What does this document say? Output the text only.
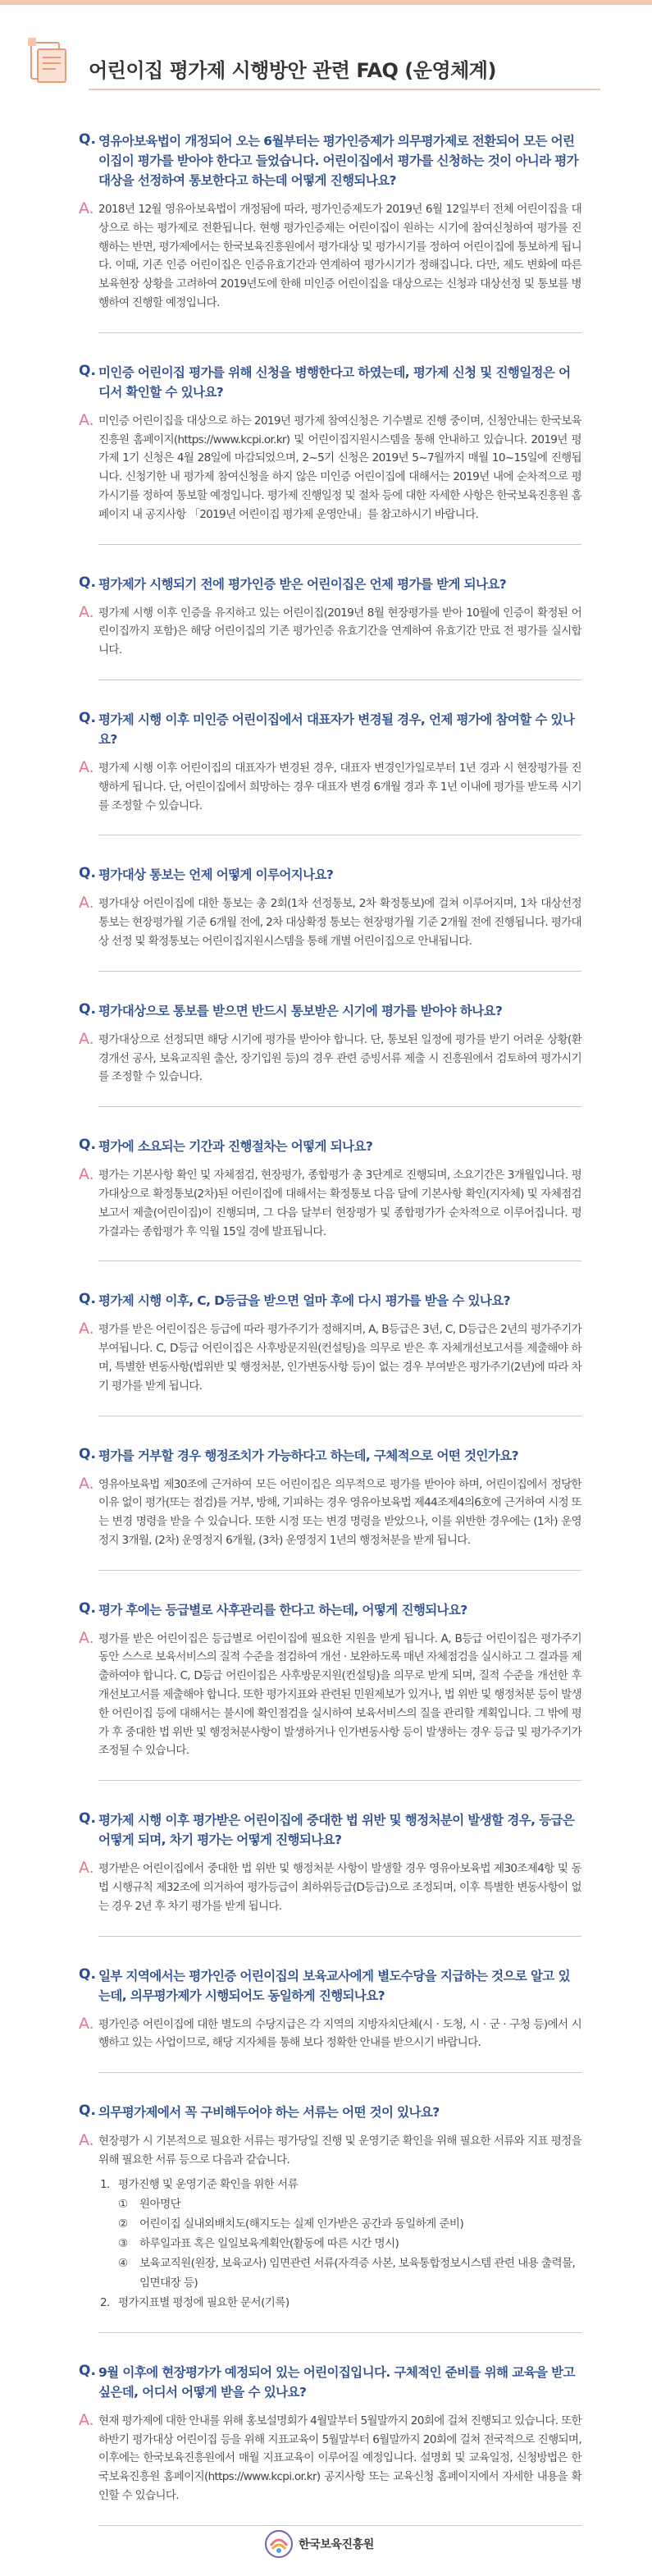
어린이집 평가제 시행방안 관련 FAQ (운영체계)
Q. 영유아보육법이 개정되어 오는 6월부터는 평가인증제가 의무평가제로 전환되어 모든 어린이집이 평가를 받아야 한다고 들었습니다. 어린이집에서 평가를 신청하는 것이 아니라 평가대상을 선정하여 통보한다고 하는데 어떻게 진행되나요?

A. 2018년 12월 영유아보육법이 개정됨에 따라, 평가인증제도가 2019년 6월 12일부터 전체 어린이집을 대상으로 하는 평가제로 전환됩니다. 현행 평가인증제는 어린이집이 원하는 시기에 참여신청하여 평가를 진행하는 반면, 평가제에서는 한국보육진흥원에서 평가대상 및 평가시기를 정하여 어린이집에 통보하게 됩니다. 이때, 기존 인증 어린이집은 인증유효기간과 연계하여 평가시기가 정해집니다. 다만, 제도 변화에 따른 보육현장 상황을 고려하여 2019년도에 한해 미인증 어린이집을 대상으로는 신청과 대상선정 및 통보를 병행하여 진행할 예정입니다.

Q. 미인증 어린이집 평가를 위해 신청을 병행한다고 하였는데, 평가제 신청 및 진행일정은 어디서 확인할 수 있나요?

A. 미인증 어린이집을 대상으로 하는 2019년 평가제 참여신청은 기수별로 진행 중이며, 신청안내는 한국보육진흥원 홈페이지(https://www.kcpi.or.kr) 및 어린이집지원시스템을 통해 안내하고 있습니다. 2019년 평가제 1기 신청은 4월 28일에 마감되었으며, 2~5기 신청은 2019년 5~7월까지 매월 10~15일에 진행됩니다. 신청기한 내 평가제 참여신청을 하지 않은 미인증 어린이집에 대해서는 2019년 내에 순차적으로 평가시기를 정하여 통보할 예정입니다. 평가제 진행일정 및 절차 등에 대한 자세한 사항은 한국보육진흥원 홈페이지 내 공지사항 「2019년 어린이집 평가제 운영안내」를 참고하시기 바랍니다.

Q. 평가제가 시행되기 전에 평가인증 받은 어린이집은 언제 평가를 받게 되나요?

A. 평가제 시행 이후 인증을 유지하고 있는 어린이집(2019년 8월 현장평가를 받아 10월에 인증이 확정된 어린이집까지 포함)은 해당 어린이집의 기존 평가인증 유효기간을 연계하여 유효기간 만료 전 평가를 실시합니다.

Q. 평가제 시행 이후 미인증 어린이집에서 대표자가 변경될 경우, 언제 평가에 참여할 수 있나요?

A. 평가제 시행 이후 어린이집의 대표자가 변경된 경우, 대표자 변경인가일로부터 1년 경과 시 현장평가를 진행하게 됩니다. 단, 어린이집에서 희망하는 경우 대표자 변경 6개월 경과 후 1년 이내에 평가를 받도록 시기를 조정할 수 있습니다.

Q. 평가대상 통보는 언제 어떻게 이루어지나요?

A. 평가대상 어린이집에 대한 통보는 총 2회(1차 선정통보, 2차 확정통보)에 걸쳐 이루어지며, 1차 대상선정 통보는 현장평가월 기준 6개월 전에, 2차 대상확정 통보는 현장평가월 기준 2개월 전에 진행됩니다. 평가대상 선정 및 확정통보는 어린이집지원시스템을 통해 개별 어린이집으로 안내됩니다.

Q. 평가대상으로 통보를 받으면 반드시 통보받은 시기에 평가를 받아야 하나요?

A. 평가대상으로 선정되면 해당 시기에 평가를 받아야 합니다. 단, 통보된 일정에 평가를 받기 어려운 상황(환경개선 공사, 보육교직원 출산, 장기입원 등)의 경우 관련 증빙서류 제출 시 진흥원에서 검토하여 평가시기를 조정할 수 있습니다.

Q. 평가에 소요되는 기간과 진행절차는 어떻게 되나요?

A. 평가는 기본사항 확인 및 자체점검, 현장평가, 종합평가 총 3단계로 진행되며, 소요기간은 3개월입니다. 평가대상으로 확정통보(2차)된 어린이집에 대해서는 확정통보 다음 달에 기본사항 확인(지자체) 및 자체점검보고서 제출(어린이집)이 진행되며, 그 다음 달부터 현장평가 및 종합평가가 순차적으로 이루어집니다. 평가결과는 종합평가 후 익월 15일 경에 발표됩니다.

Q. 평가제 시행 이후, C, D등급을 받으면 얼마 후에 다시 평가를 받을 수 있나요?

A. 평가를 받은 어린이집은 등급에 따라 평가주기가 정해지며, A, B등급은 3년, C, D등급은 2년의 평가주기가 부여됩니다. C, D등급 어린이집은 사후방문지원(컨설팅)을 의무로 받은 후 자체개선보고서를 제출해야 하며, 특별한 변동사항(법위반 및 행정처분, 인가변동사항 등)이 없는 경우 부여받은 평가주기(2년)에 따라 차기 평가를 받게 됩니다.

Q. 평가를 거부할 경우 행정조치가 가능하다고 하는데, 구체적으로 어떤 것인가요?

A. 영유아보육법 제30조에 근거하여 모든 어린이집은 의무적으로 평가를 받아야 하며, 어린이집에서 정당한 이유 없이 평가(또는 점검)를 거부, 방해, 기피하는 경우 영유아보육법 제44조제4의6호에 근거하여 시정 또는 변경 명령을 받을 수 있습니다. 또한 시정 또는 변경 명령을 받았으나, 이를 위반한 경우에는 (1차) 운영정지 3개월, (2차) 운영정지 6개월, (3차) 운영정지 1년의 행정처분을 받게 됩니다.

Q. 평가 후에는 등급별로 사후관리를 한다고 하는데, 어떻게 진행되나요?

A. 평가를 받은 어린이집은 등급별로 어린이집에 필요한 지원을 받게 됩니다. A, B등급 어린이집은 평가주기 동안 스스로 보육서비스의 질적 수준을 점검하여 개선 · 보완하도록 매년 자체점검을 실시하고 그 결과를 제출하여야 합니다. C, D등급 어린이집은 사후방문지원(컨설팅)을 의무로 받게 되며, 질적 수준을 개선한 후 개선보고서를 제출해야 합니다. 또한 평가지표와 관련된 민원제보가 있거나, 법 위반 및 행정처분 등이 발생한 어린이집 등에 대해서는 불시에 확인점검을 실시하여 보육서비스의 질을 관리할 계획입니다. 그 밖에 평가 후 중대한 법 위반 및 행정처분사항이 발생하거나 인가변동사항 등이 발생하는 경우 등급 및 평가주기가 조정될 수 있습니다.

Q. 평가제 시행 이후 평가받은 어린이집에 중대한 법 위반 및 행정처분이 발생할 경우, 등급은 어떻게 되며, 차기 평가는 어떻게 진행되나요?

A. 평가받은 어린이집에서 중대한 법 위반 및 행정처분 사항이 발생할 경우 영유아보육법 제30조제4항 및 동법 시행규칙 제32조에 의거하여 평가등급이 최하위등급(D등급)으로 조정되며, 이후 특별한 변동사항이 없는 경우 2년 후 차기 평가를 받게 됩니다.

Q. 일부 지역에서는 평가인증 어린이집의 보육교사에게 별도수당을 지급하는 것으로 알고 있는데, 의무평가제가 시행되어도 동일하게 진행되나요?

A. 평가인증 어린이집에 대한 별도의 수당지급은 각 지역의 지방자치단체(시 · 도청, 시 · 군 · 구청 등)에서 시행하고 있는 사업이므로, 해당 지자체를 통해 보다 정확한 안내를 받으시기 바랍니다.

Q. 의무평가제에서 꼭 구비해두어야 하는 서류는 어떤 것이 있나요?

A. 현장평가 시 기본적으로 필요한 서류는 평가당일 진행 및 운영기준 확인을 위해 필요한 서류와 지표 평정을 위해 필요한 서류 등으로 다음과 같습니다.

1. 평가진행 및 운영기준 확인을 위한 서류
① 원아명단
② 어린이집 실내외배치도(해지도는 실제 인가받은 공간과 동일하게 준비)
③ 하루일과표 혹은 일일보육계획안(활동에 따른 시간 명시)
④ 보육교직원(원장, 보육교사) 임면관련 서류(자격증 사본, 보육통합정보시스템 관련 내용 출력물, 임면대장 등)
2. 평가지표별 평정에 필요한 문서(기록)
Q. 9월 이후에 현장평가가 예정되어 있는 어린이집입니다. 구체적인 준비를 위해 교육을 받고 싶은데, 어디서 어떻게 받을 수 있나요?

A. 현재 평가제에 대한 안내를 위해 홍보설명회가 4월말부터 5월말까지 20회에 걸쳐 진행되고 있습니다. 또한 하반기 평가대상 어린이집 등을 위해 지표교육이 5월말부터 6월말까지 20회에 걸쳐 전국적으로 진행되며, 이후에는 한국보육진흥원에서 매월 지표교육이 이루어질 예정입니다. 설명회 및 교육일정, 신청방법은 한국보육진흥원 홈페이지(https://www.kcpi.or.kr) 공지사항 또는 교육신청 홈페이지에서 자세한 내용을 확인할 수 있습니다.

한국보육진흥원
